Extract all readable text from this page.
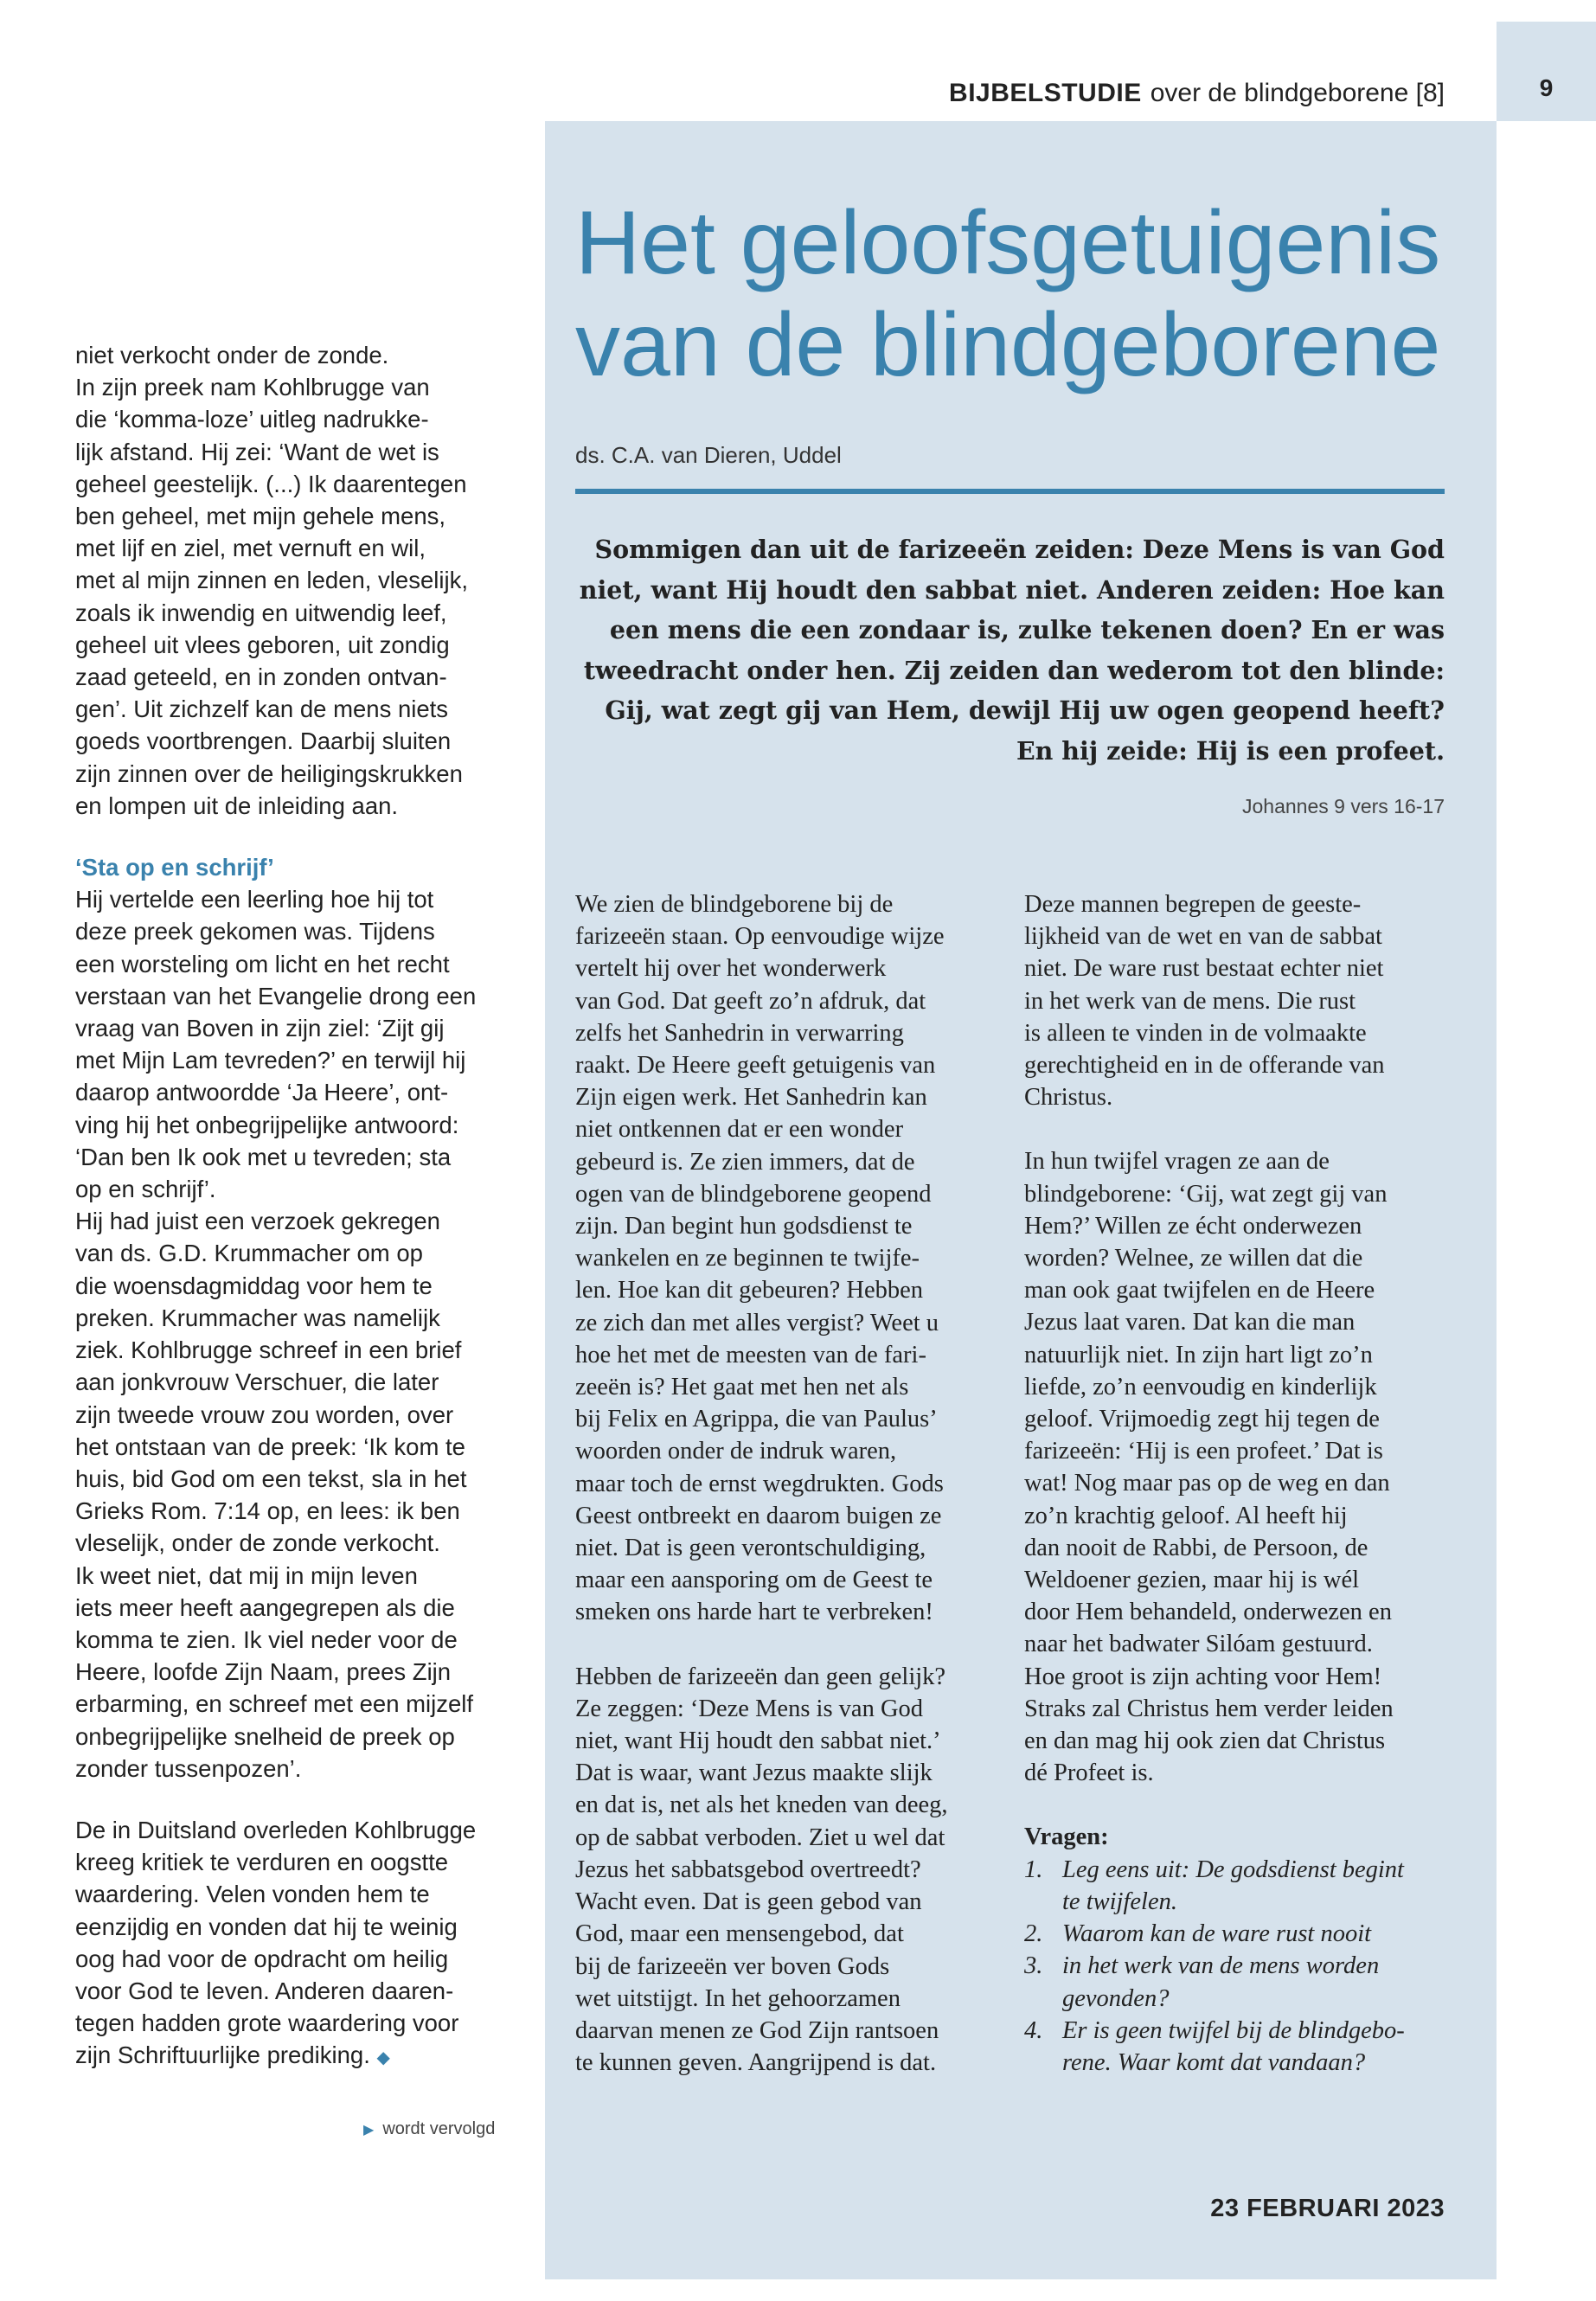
9
BIJBELSTUDIE over de blindgeborene [8]
Het geloofsgetuigenis
van de blindgeborene
ds. C.A. van Dieren, Uddel
Sommigen dan uit de farizeeën zeiden: Deze Mens is van God
niet, want Hij houdt den sabbat niet. Anderen zeiden: Hoe kan
een mens die een zondaar is, zulke tekenen doen? En er was
tweedracht onder hen. Zij zeiden dan wederom tot den blinde:
Gij, wat zegt gij van Hem, dewijl Hij uw ogen geopend heeft?
En hij zeide: Hij is een profeet.
Johannes 9 vers 16-17
niet verkocht onder de zonde.
In zijn preek nam Kohlbrugge van
die ‘komma-loze’ uitleg nadrukke-
lijk afstand. Hij zei: ‘Want de wet is
geheel geestelijk. (...) Ik daarentegen
ben geheel, met mijn gehele mens,
met lijf en ziel, met vernuft en wil,
met al mijn zinnen en leden, vleselijk,
zoals ik inwendig en uitwendig leef,
geheel uit vlees geboren, uit zondig
zaad geteeld, en in zonden ontvan-
gen’. Uit zichzelf kan de mens niets
goeds voortbrengen. Daarbij sluiten
zijn zinnen over de heiligingskrukken
en lompen uit de inleiding aan.
‘Sta op en schrijf’
Hij vertelde een leerling hoe hij tot
deze preek gekomen was. Tijdens
een worsteling om licht en het recht
verstaan van het Evangelie drong een
vraag van Boven in zijn ziel: ‘Zijt gij
met Mijn Lam tevreden?’ en terwijl hij
daarop antwoordde ‘Ja Heere’, ont-
ving hij het onbegrijpelijke antwoord:
‘Dan ben Ik ook met u tevreden; sta
op en schrijf’.
Hij had juist een verzoek gekregen
van ds. G.D. Krummacher om op
die woensdagmiddag voor hem te
preken. Krummacher was namelijk
ziek. Kohlbrugge schreef in een brief
aan jonkvrouw Verschuer, die later
zijn tweede vrouw zou worden, over
het ontstaan van de preek: ‘Ik kom te
huis, bid God om een tekst, sla in het
Grieks Rom. 7:14 op, en lees: ik ben
vleselijk, onder de zonde verkocht.
Ik weet niet, dat mij in mijn leven
iets meer heeft aangegrepen als die
komma te zien. Ik viel neder voor de
Heere, loofde Zijn Naam, prees Zijn
erbarming, en schreef met een mijzelf
onbegrijpelijke snelheid de preek op
zonder tussenpozen’.
De in Duitsland overleden Kohlbrugge
kreeg kritiek te verduren en oogstte
waardering. Velen vonden hem te
eenzijdig en vonden dat hij te weinig
oog had voor de opdracht om heilig
voor God te leven. Anderen daaren-
tegen hadden grote waardering voor
zijn Schriftuurlijke prediking. ◆
▶ wordt vervolgd
We zien de blindgeborene bij de
farizeeën staan. Op eenvoudige wijze
vertelt hij over het wonderwerk
van God. Dat geeft zo’n afdruk, dat
zelfs het Sanhedrin in verwarring
raakt. De Heere geeft getuigenis van
Zijn eigen werk. Het Sanhedrin kan
niet ontkennen dat er een wonder
gebeurd is. Ze zien immers, dat de
ogen van de blindgeborene geopend
zijn. Dan begint hun godsdienst te
wankelen en ze beginnen te twijfe-
len. Hoe kan dit gebeuren? Hebben
ze zich dan met alles vergist? Weet u
hoe het met de meesten van de fari-
zeeën is? Het gaat met hen net als
bij Felix en Agrippa, die van Paulus’
woorden onder de indruk waren,
maar toch de ernst wegdrukten. Gods
Geest ontbreekt en daarom buigen ze
niet. Dat is geen verontschuldiging,
maar een aansporing om de Geest te
smeken ons harde hart te verbreken!
Hebben de farizeeën dan geen gelijk?
Ze zeggen: ‘Deze Mens is van God
niet, want Hij houdt den sabbat niet.’
Dat is waar, want Jezus maakte slijk
en dat is, net als het kneden van deeg,
op de sabbat verboden. Ziet u wel dat
Jezus het sabbatsgebod overtreedt?
Wacht even. Dat is geen gebod van
God, maar een mensengebod, dat
bij de farizeeën ver boven Gods
wet uitstijgt. In het gehoorzamen
daarvan menen ze God Zijn rantsoen
te kunnen geven. Aangrijpend is dat.
Deze mannen begrepen de geeste-
lijkheid van de wet en van de sabbat
niet. De ware rust bestaat echter niet
in het werk van de mens. Die rust
is alleen te vinden in de volmaakte
gerechtigheid en in de offerande van
Christus.
In hun twijfel vragen ze aan de
blindgeborene: ‘Gij, wat zegt gij van
Hem?’ Willen ze écht onderwezen
worden? Welnee, ze willen dat die
man ook gaat twijfelen en de Heere
Jezus laat varen. Dat kan die man
natuurlijk niet. In zijn hart ligt zo’n
liefde, zo’n eenvoudig en kinderlijk
geloof. Vrijmoedig zegt hij tegen de
farizeeën: ‘Hij is een profeet.’ Dat is
wat! Nog maar pas op de weg en dan
zo’n krachtig geloof. Al heeft hij
dan nooit de Rabbi, de Persoon, de
Weldoener gezien, maar hij is wél
door Hem behandeld, onderwezen en
naar het badwater Silóam gestuurd.
Hoe groot is zijn achting voor Hem!
Straks zal Christus hem verder leiden
en dan mag hij ook zien dat Christus
dé Profeet is.
Vragen:
1. Leg eens uit: De godsdienst begint
te twijfelen.
2. Waarom kan de ware rust nooit
3. in het werk van de mens worden
gevonden?
4. Er is geen twijfel bij de blindgebo-
rene. Waar komt dat vandaan?
23 FEBRUARI 2023
